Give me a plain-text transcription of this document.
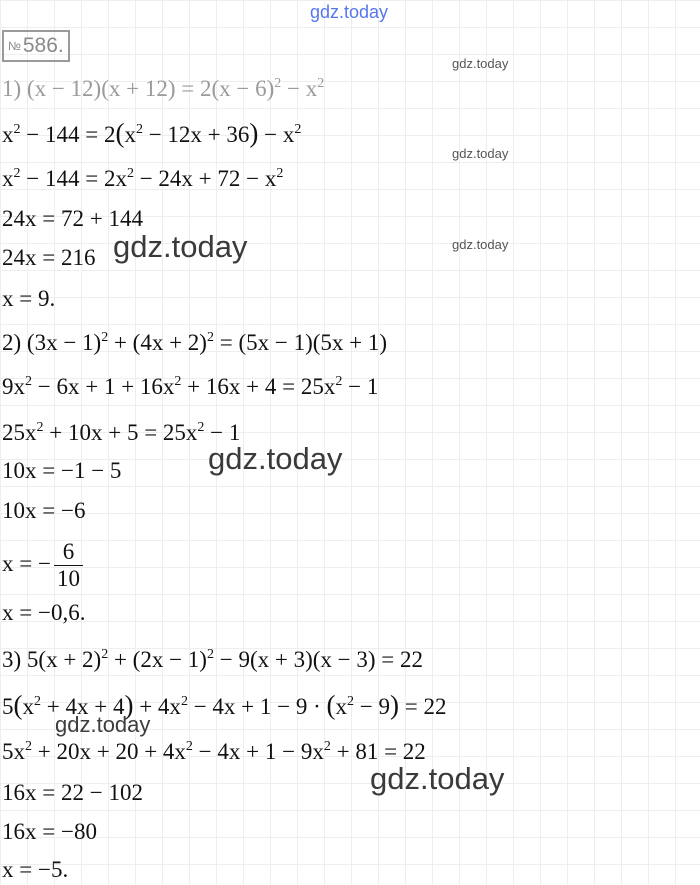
gdz.today
gdz.today
gdz.today
gdz.today
№586.
1) $(x - 12)(x + 12) = 2(x - 6)^2 - x^2$
$x^2 - 144 = 2(x^2 - 12x + 36) - x^2$
$x^2 - 144 = 2x^2 - 24x + 72 - x^2$
24x = 72 + 144
24x = 216
x = 9.
2) $(3x - 1)^2 + (4x + 2)^2 = (5x - 1)(5x + 1)$
$9x^2 - 6x + 1 + 16x^2 + 16x + 4 = 25x^2 - 1$
$25x^2 + 10x + 5 = 25x^2 - 1$
10x = −1 − 5
10x = −6
x = − $\frac{6}{10}$
x = −0,6.
3) $5(x + 2)^2 + (2x - 1)^2 - 9(x + 3)(x - 3) = 22$
$5(x^2 + 4x + 4) + 4x^2 - 4x + 1 - 9 \cdot (x^2 - 9) = 22$
$5x^2 + 20x + 20 + 4x^2 - 4x + 1 - 9x^2 + 81 = 22$
16x = 22 − 102
16x = −80
x = −5.
gdz.today
gdz.today
gdz.today
gdz.today
